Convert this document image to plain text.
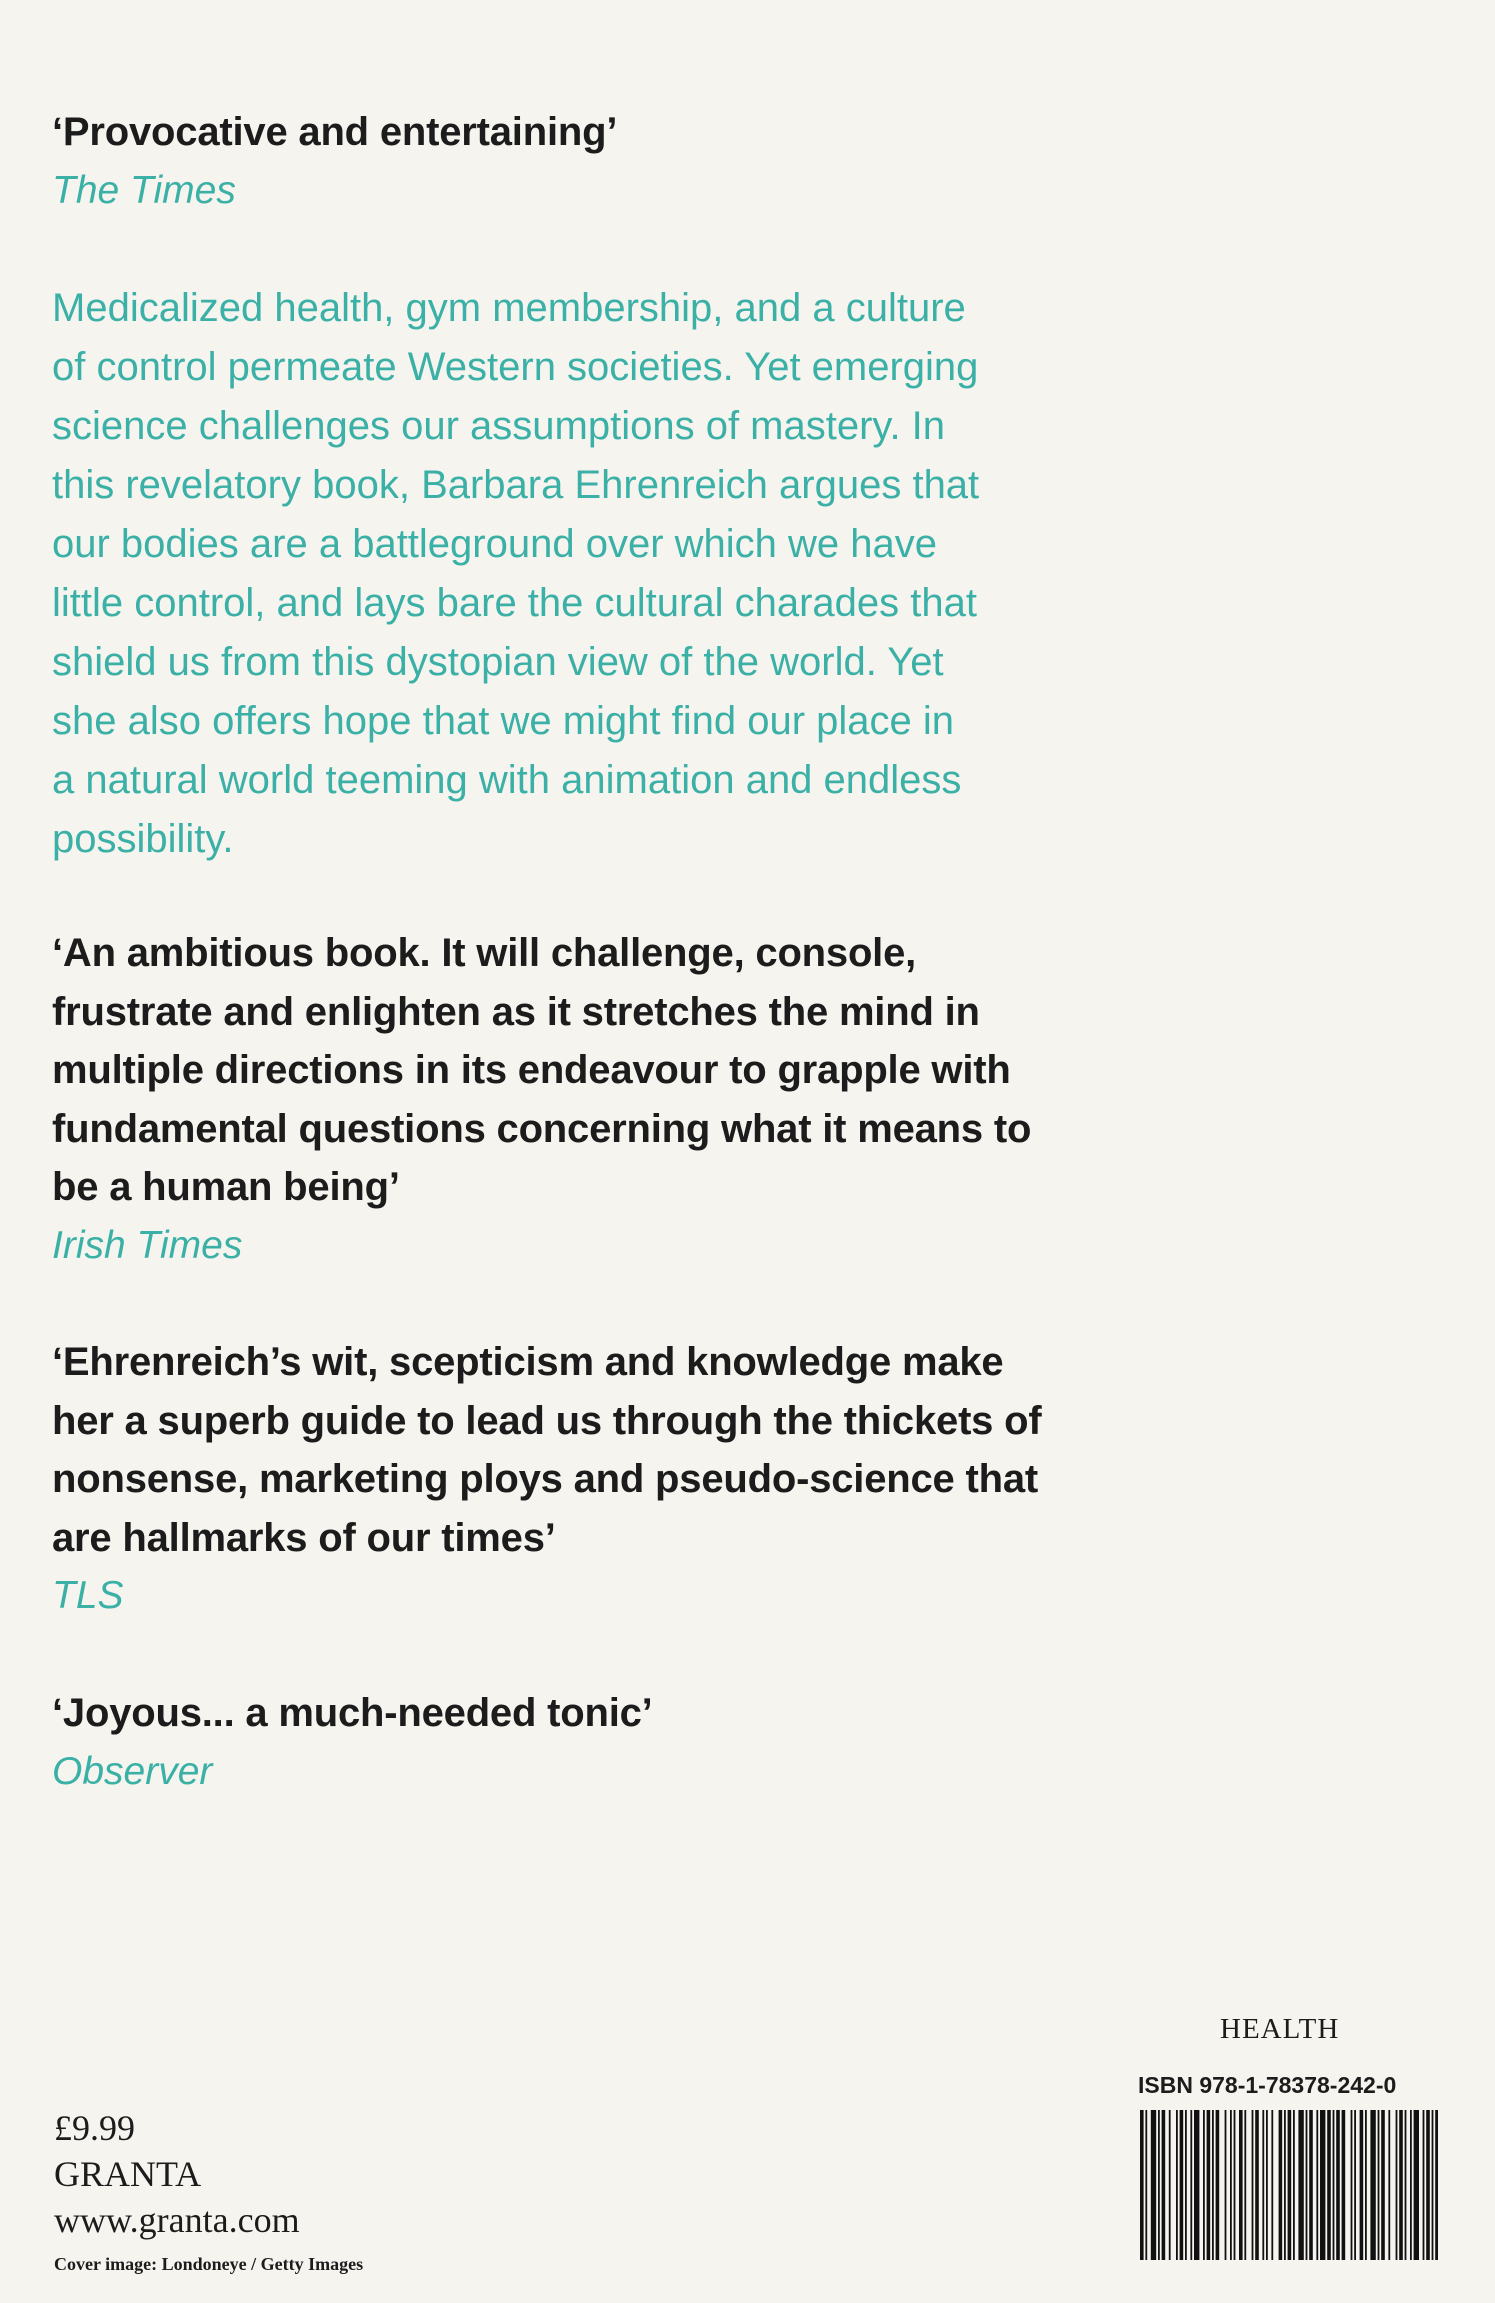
‘Provocative and entertaining’

The Times

Medicalized health, gym membership, and a culture
of control permeate Western societies. Yet emerging
science challenges our assumptions of mastery. In
this revelatory book, Barbara Ehrenreich argues that
our bodies are a battleground over which we have
little control, and lays bare the cultural charades that
shield us from this dystopian view of the world. Yet
she also offers hope that we might find our place in
a natural world teeming with animation and endless
possibility.

‘An ambitious book. It will challenge, console,
frustrate and enlighten as it stretches the mind in
multiple directions in its endeavour to grapple with
fundamental questions concerning what it means to
be a human being’

Irish Times

‘Ehrenreich’s wit, scepticism and knowledge make
her a superb guide to lead us through the thickets of
nonsense, marketing ploys and pseudo-science that
are hallmarks of our times’

TLS

‘Joyous... a much-needed tonic’

Observer

£9.99

GRANTA

www.granta.com

Cover image: Londoneye / Getty Images

HEALTH
ISBN 978-1-78378-242-0
